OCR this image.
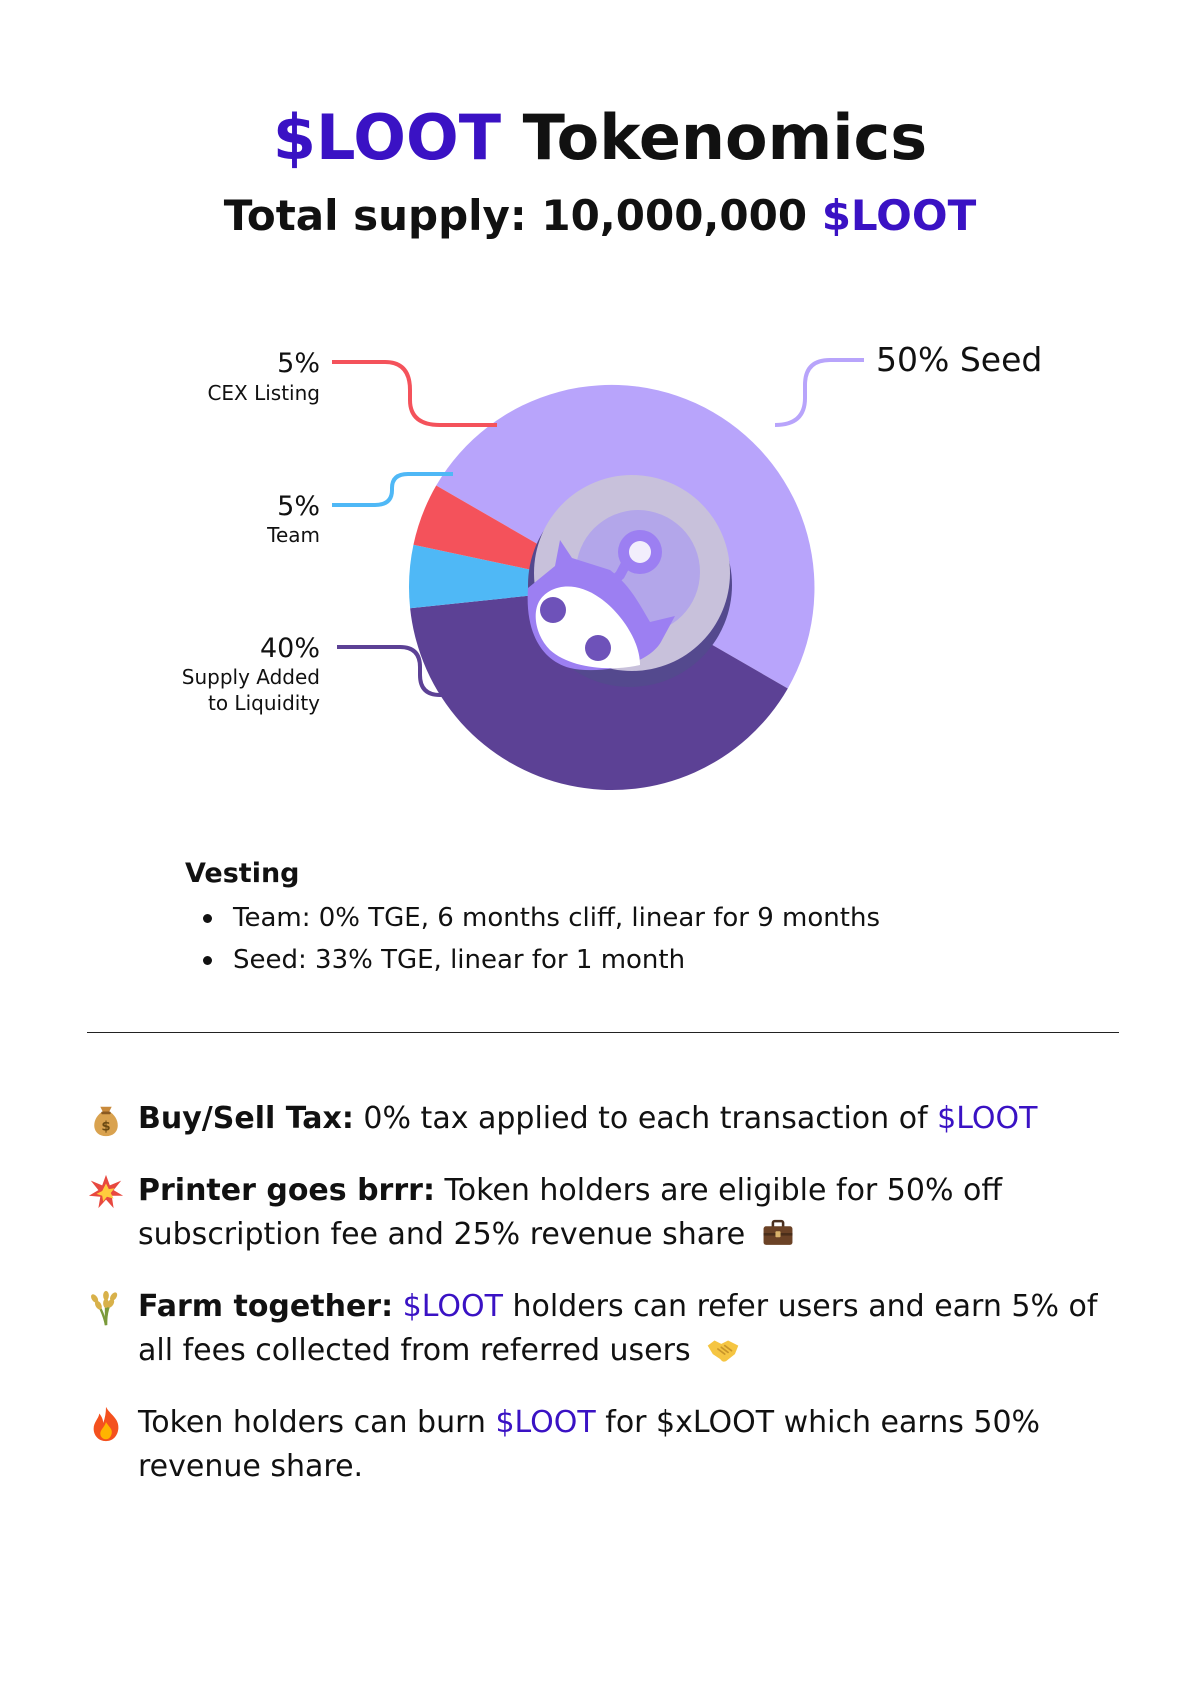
$LOOT Tokenomics
Total supply: 10,000,000 $LOOT
5%
CEX Listing
5%
Team
40%
Supply Added
to Liquidity
50% Seed
Vesting
Team: 0% TGE, 6 months cliff, linear for 9 months
Seed: 33% TGE, linear for 1 month
$ Buy/Sell Tax: 0% tax applied to each transaction of $LOOT
Printer goes brrr: Token holders are eligible for 50% off subscription fee and 25% revenue share
Farm together: $LOOT holders can refer users and earn 5% of all fees collected from referred users
Token holders can burn $LOOT for $xLOOT which earns 50% revenue share.
